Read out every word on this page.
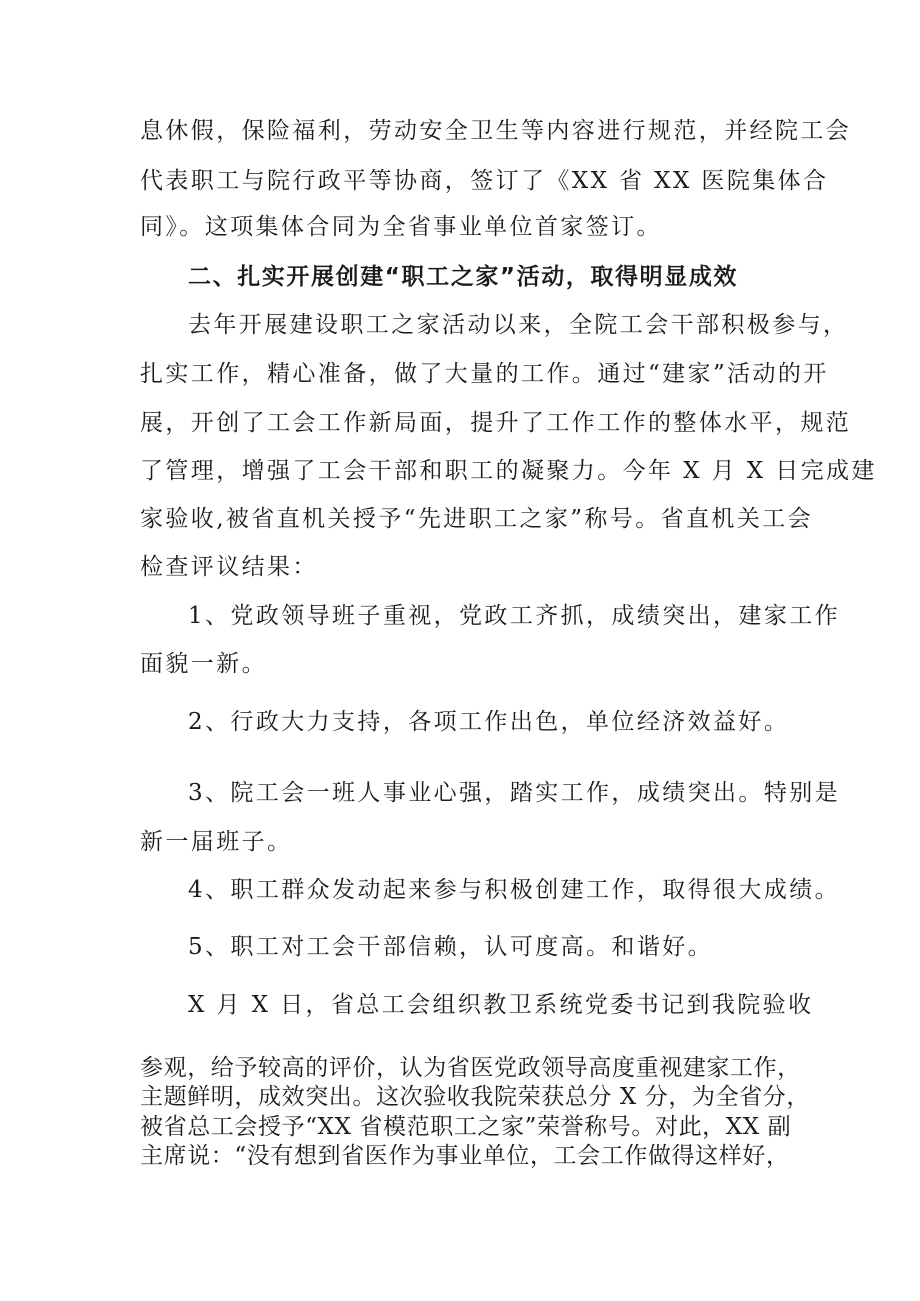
息休假，保险福利，劳动安全卫生等内容进行规范，并经院工会
代表职工与院行政平等协商，签订了《XX 省 XX 医院集体合
同》。这项集体合同为全省事业单位首家签订。
二、扎实开展创建“职工之家”活动，取得明显成效
去年开展建设职工之家活动以来，全院工会干部积极参与，
扎实工作，精心准备，做了大量的工作。通过“建家”活动的开
展，开创了工会工作新局面，提升了工作工作的整体水平，规范
了管理，增强了工会干部和职工的凝聚力。今年 X 月 X 日完成建
家验收,被省直机关授予“先进职工之家”称号。省直机关工会
检查评议结果：
1、党政领导班子重视，党政工齐抓，成绩突出，建家工作
面貌一新。
2、行政大力支持，各项工作出色，单位经济效益好。
3、院工会一班人事业心强，踏实工作，成绩突出。特别是
新一届班子。
4、职工群众发动起来参与积极创建工作，取得很大成绩。
5、职工对工会干部信赖，认可度高。和谐好。
X 月 X 日，省总工会组织教卫系统党委书记到我院验收
参观，给予较高的评价，认为省医党政领导高度重视建家工作，
主题鲜明，成效突出。这次验收我院荣获总分 X 分，为全省分，
被省总工会授予“XX 省模范职工之家”荣誉称号。对此，XX 副
主席说：“没有想到省医作为事业单位，工会工作做得这样好，
